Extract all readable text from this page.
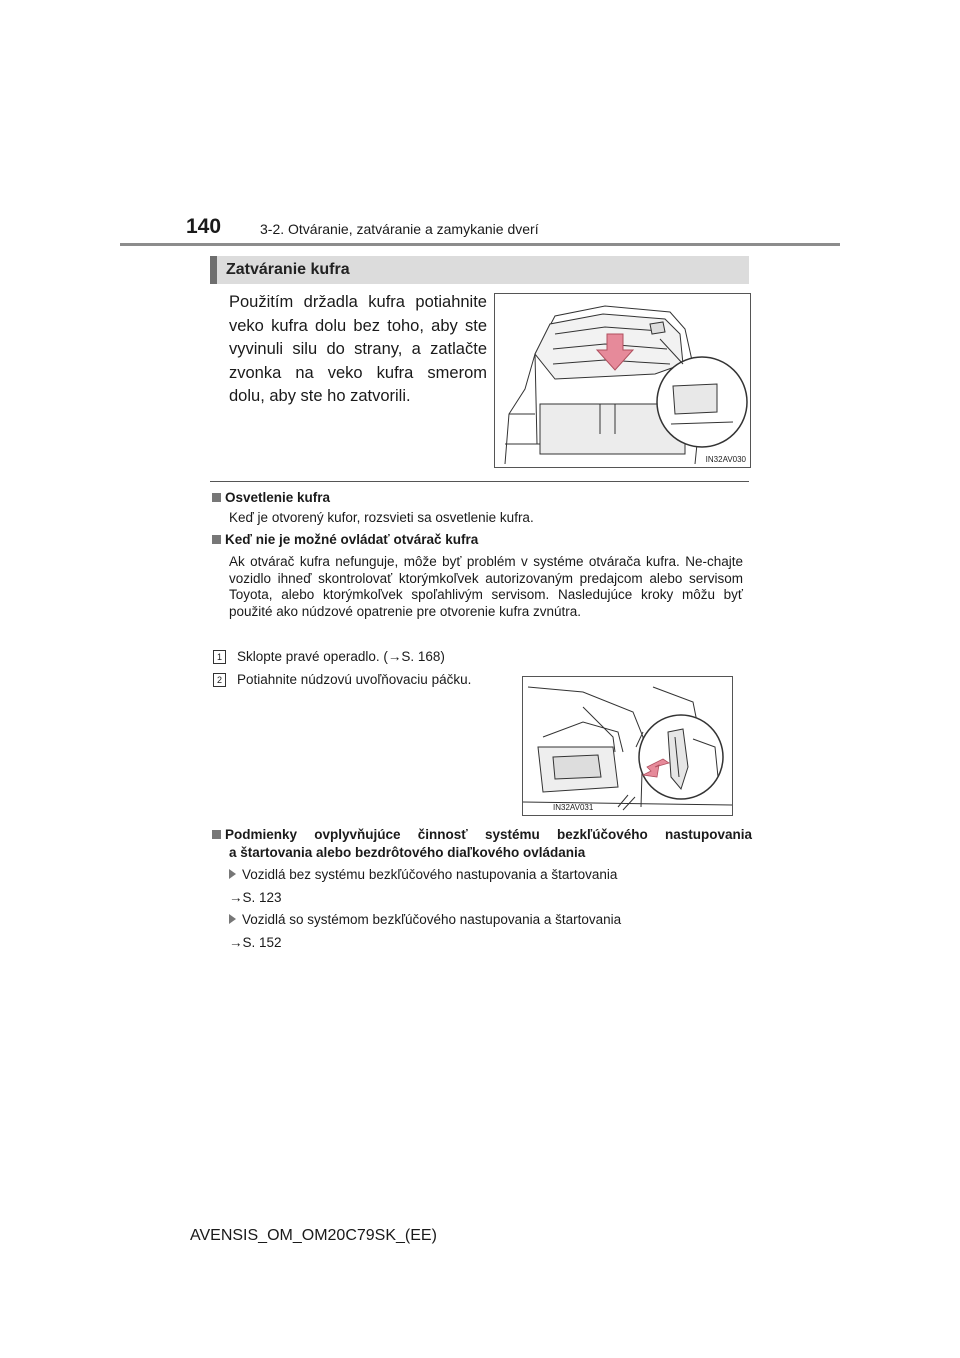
140	3-2. Otváranie, zatváranie a zamykanie dverí
Zatváranie kufra
Použitím držadla kufra potiahnite veko kufra dolu bez toho, aby ste vyvinuli silu do strany, a zatlačte zvonka na veko kufra smerom dolu, aby ste ho zatvorili.
IN32AV030
Osvetlenie kufra
Keď je otvorený kufor, rozsvieti sa osvetlenie kufra.
Keď nie je možné ovládať otvárač kufra
Ak otvárač kufra nefunguje, môže byť problém v systéme otvárača kufra. Ne-chajte vozidlo ihneď skontrolovať ktorýmkoľvek autorizovaným predajcom alebo servisom Toyota, alebo ktorýmkoľvek spoľahlivým servisom. Nasledujúce kroky môžu byť použité ako núdzové opatrenie pre otvorenie kufra zvnútra.
1 Sklopte pravé operadlo. (→S. 168)
2 Potiahnite núdzovú uvoľňovaciu páčku.
IN32AV031
Podmienky ovplyvňujúce činnosť systému bezkľúčového nastupovania
a štartovania alebo bezdrôtového diaľkového ovládania
Vozidlá bez systému bezkľúčového nastupovania a štartovania
→S. 123
Vozidlá so systémom bezkľúčového nastupovania a štartovania
→S. 152
AVENSIS_OM_OM20C79SK_(EE)
